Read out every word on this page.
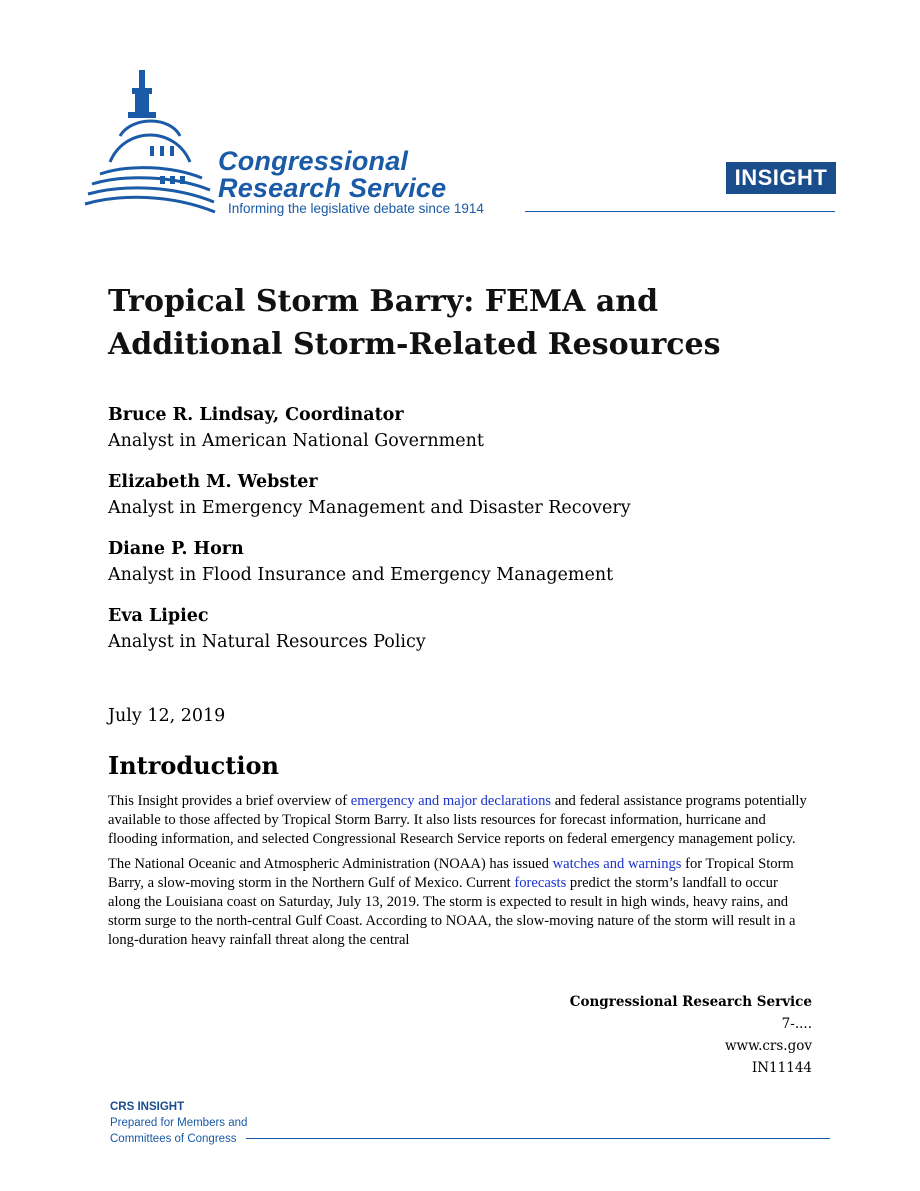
Congressional
Research Service
Informing the legislative debate since 1914
INSIGHT
Tropical Storm Barry: FEMA and Additional Storm-Related Resources
Bruce R. Lindsay, Coordinator
Analyst in American National Government
Elizabeth M. Webster
Analyst in Emergency Management and Disaster Recovery
Diane P. Horn
Analyst in Flood Insurance and Emergency Management
Eva Lipiec
Analyst in Natural Resources Policy
July 12, 2019
Introduction

This Insight provides a brief overview of emergency and major declarations and federal assistance programs potentially available to those affected by Tropical Storm Barry. It also lists resources for forecast information, hurricane and flooding information, and selected Congressional Research Service reports on federal emergency management policy.

The National Oceanic and Atmospheric Administration (NOAA) has issued watches and warnings for Tropical Storm Barry, a slow-moving storm in the Northern Gulf of Mexico. Current forecasts predict the storm’s landfall to occur along the Louisiana coast on Saturday, July 13, 2019. The storm is expected to result in high winds, heavy rains, and storm surge to the north-central Gulf Coast. According to NOAA, the slow-moving nature of the storm will result in a long-duration heavy rainfall threat along the central

Congressional Research Service
7-....
www.crs.gov
IN11144
CRS INSIGHT
Prepared for Members and
Committees of Congress
